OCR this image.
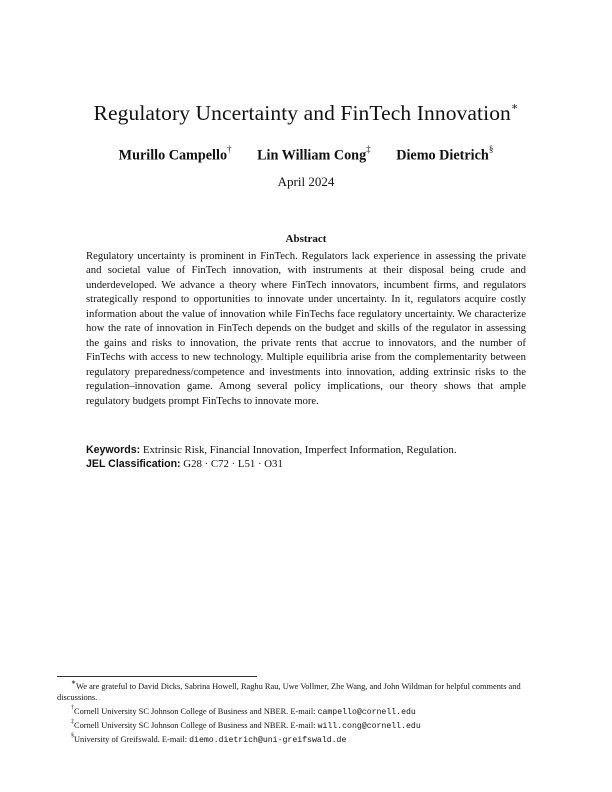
Regulatory Uncertainty and FinTech Innovation∗
Murillo Campello† Lin William Cong‡ Diemo Dietrich§
April 2024
Abstract
Regulatory uncertainty is prominent in FinTech. Regulators lack experience in assessing the private and societal value of FinTech innovation, with instruments at their disposal being crude and underdeveloped. We advance a theory where FinTech innovators, incumbent firms, and regulators strategically respond to opportunities to innovate under uncertainty. In it, regulators acquire costly information about the value of innovation while FinTechs face regulatory uncertainty. We characterize how the rate of innovation in FinTech depends on the budget and skills of the regulator in assessing the gains and risks to innovation, the private rents that accrue to innovators, and the number of FinTechs with access to new technology. Multiple equilibria arise from the complementarity between regulatory preparedness/competence and investments into innovation, adding extrinsic risks to the regulation–innovation game. Among several policy implications, our theory shows that ample regulatory budgets prompt FinTechs to innovate more.
Keywords: Extrinsic Risk, Financial Innovation, Imperfect Information, Regulation.
JEL Classification: G28 · C72 · L51 · O31
∗We are grateful to David Dicks, Sabrina Howell, Raghu Rau, Uwe Vollmer, Zhe Wang, and John Wildman for helpful comments and discussions.
†Cornell University SC Johnson College of Business and NBER. E-mail: campello@cornell.edu
‡Cornell University SC Johnson College of Business and NBER. E-mail: will.cong@cornell.edu
§University of Greifswald. E-mail: diemo.dietrich@uni-greifswald.de
